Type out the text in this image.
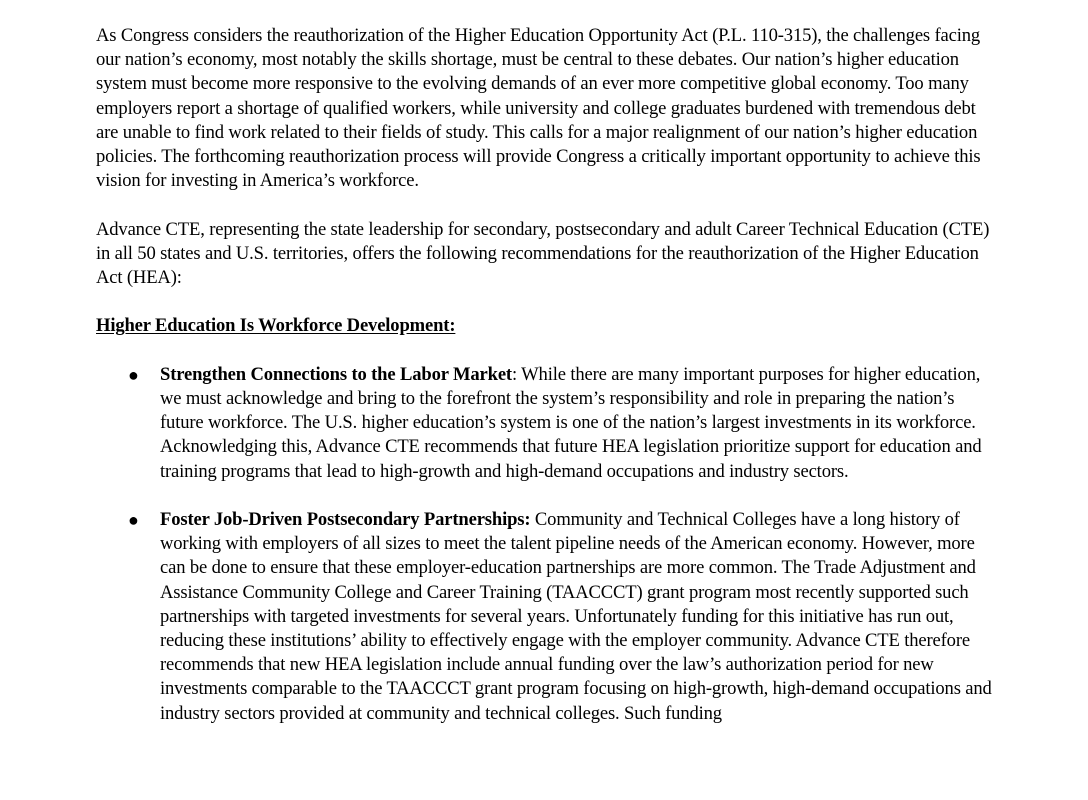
As Congress considers the reauthorization of the Higher Education Opportunity Act (P.L. 110-315), the challenges facing our nation’s economy, most notably the skills shortage, must be central to these debates. Our nation’s higher education system must become more responsive to the evolving demands of an ever more competitive global economy. Too many employers report a shortage of qualified workers, while university and college graduates burdened with tremendous debt are unable to find work related to their fields of study. This calls for a major realignment of our nation’s higher education policies. The forthcoming reauthorization process will provide Congress a critically important opportunity to achieve this vision for investing in America’s workforce.

Advance CTE, representing the state leadership for secondary, postsecondary and adult Career Technical Education (CTE) in all 50 states and U.S. territories, offers the following recommendations for the reauthorization of the Higher Education Act (HEA):

Higher Education Is Workforce Development:

● Strengthen Connections to the Labor Market: While there are many important purposes for higher education, we must acknowledge and bring to the forefront the system’s responsibility and role in preparing the nation’s future workforce. The U.S. higher education’s system is one of the nation’s largest investments in its workforce. Acknowledging this, Advance CTE recommends that future HEA legislation prioritize support for education and training programs that lead to high-growth and high-demand occupations and industry sectors.
● Foster Job-Driven Postsecondary Partnerships: Community and Technical Colleges have a long history of working with employers of all sizes to meet the talent pipeline needs of the American economy. However, more can be done to ensure that these employer-education partnerships are more common. The Trade Adjustment and Assistance Community College and Career Training (TAACCCT) grant program most recently supported such partnerships with targeted investments for several years. Unfortunately funding for this initiative has run out, reducing these institutions’ ability to effectively engage with the employer community. Advance CTE therefore recommends that new HEA legislation include annual funding over the law’s authorization period for new investments comparable to the TAACCCT grant program focusing on high-growth, high-demand occupations and industry sectors provided at community and technical colleges. Such funding
